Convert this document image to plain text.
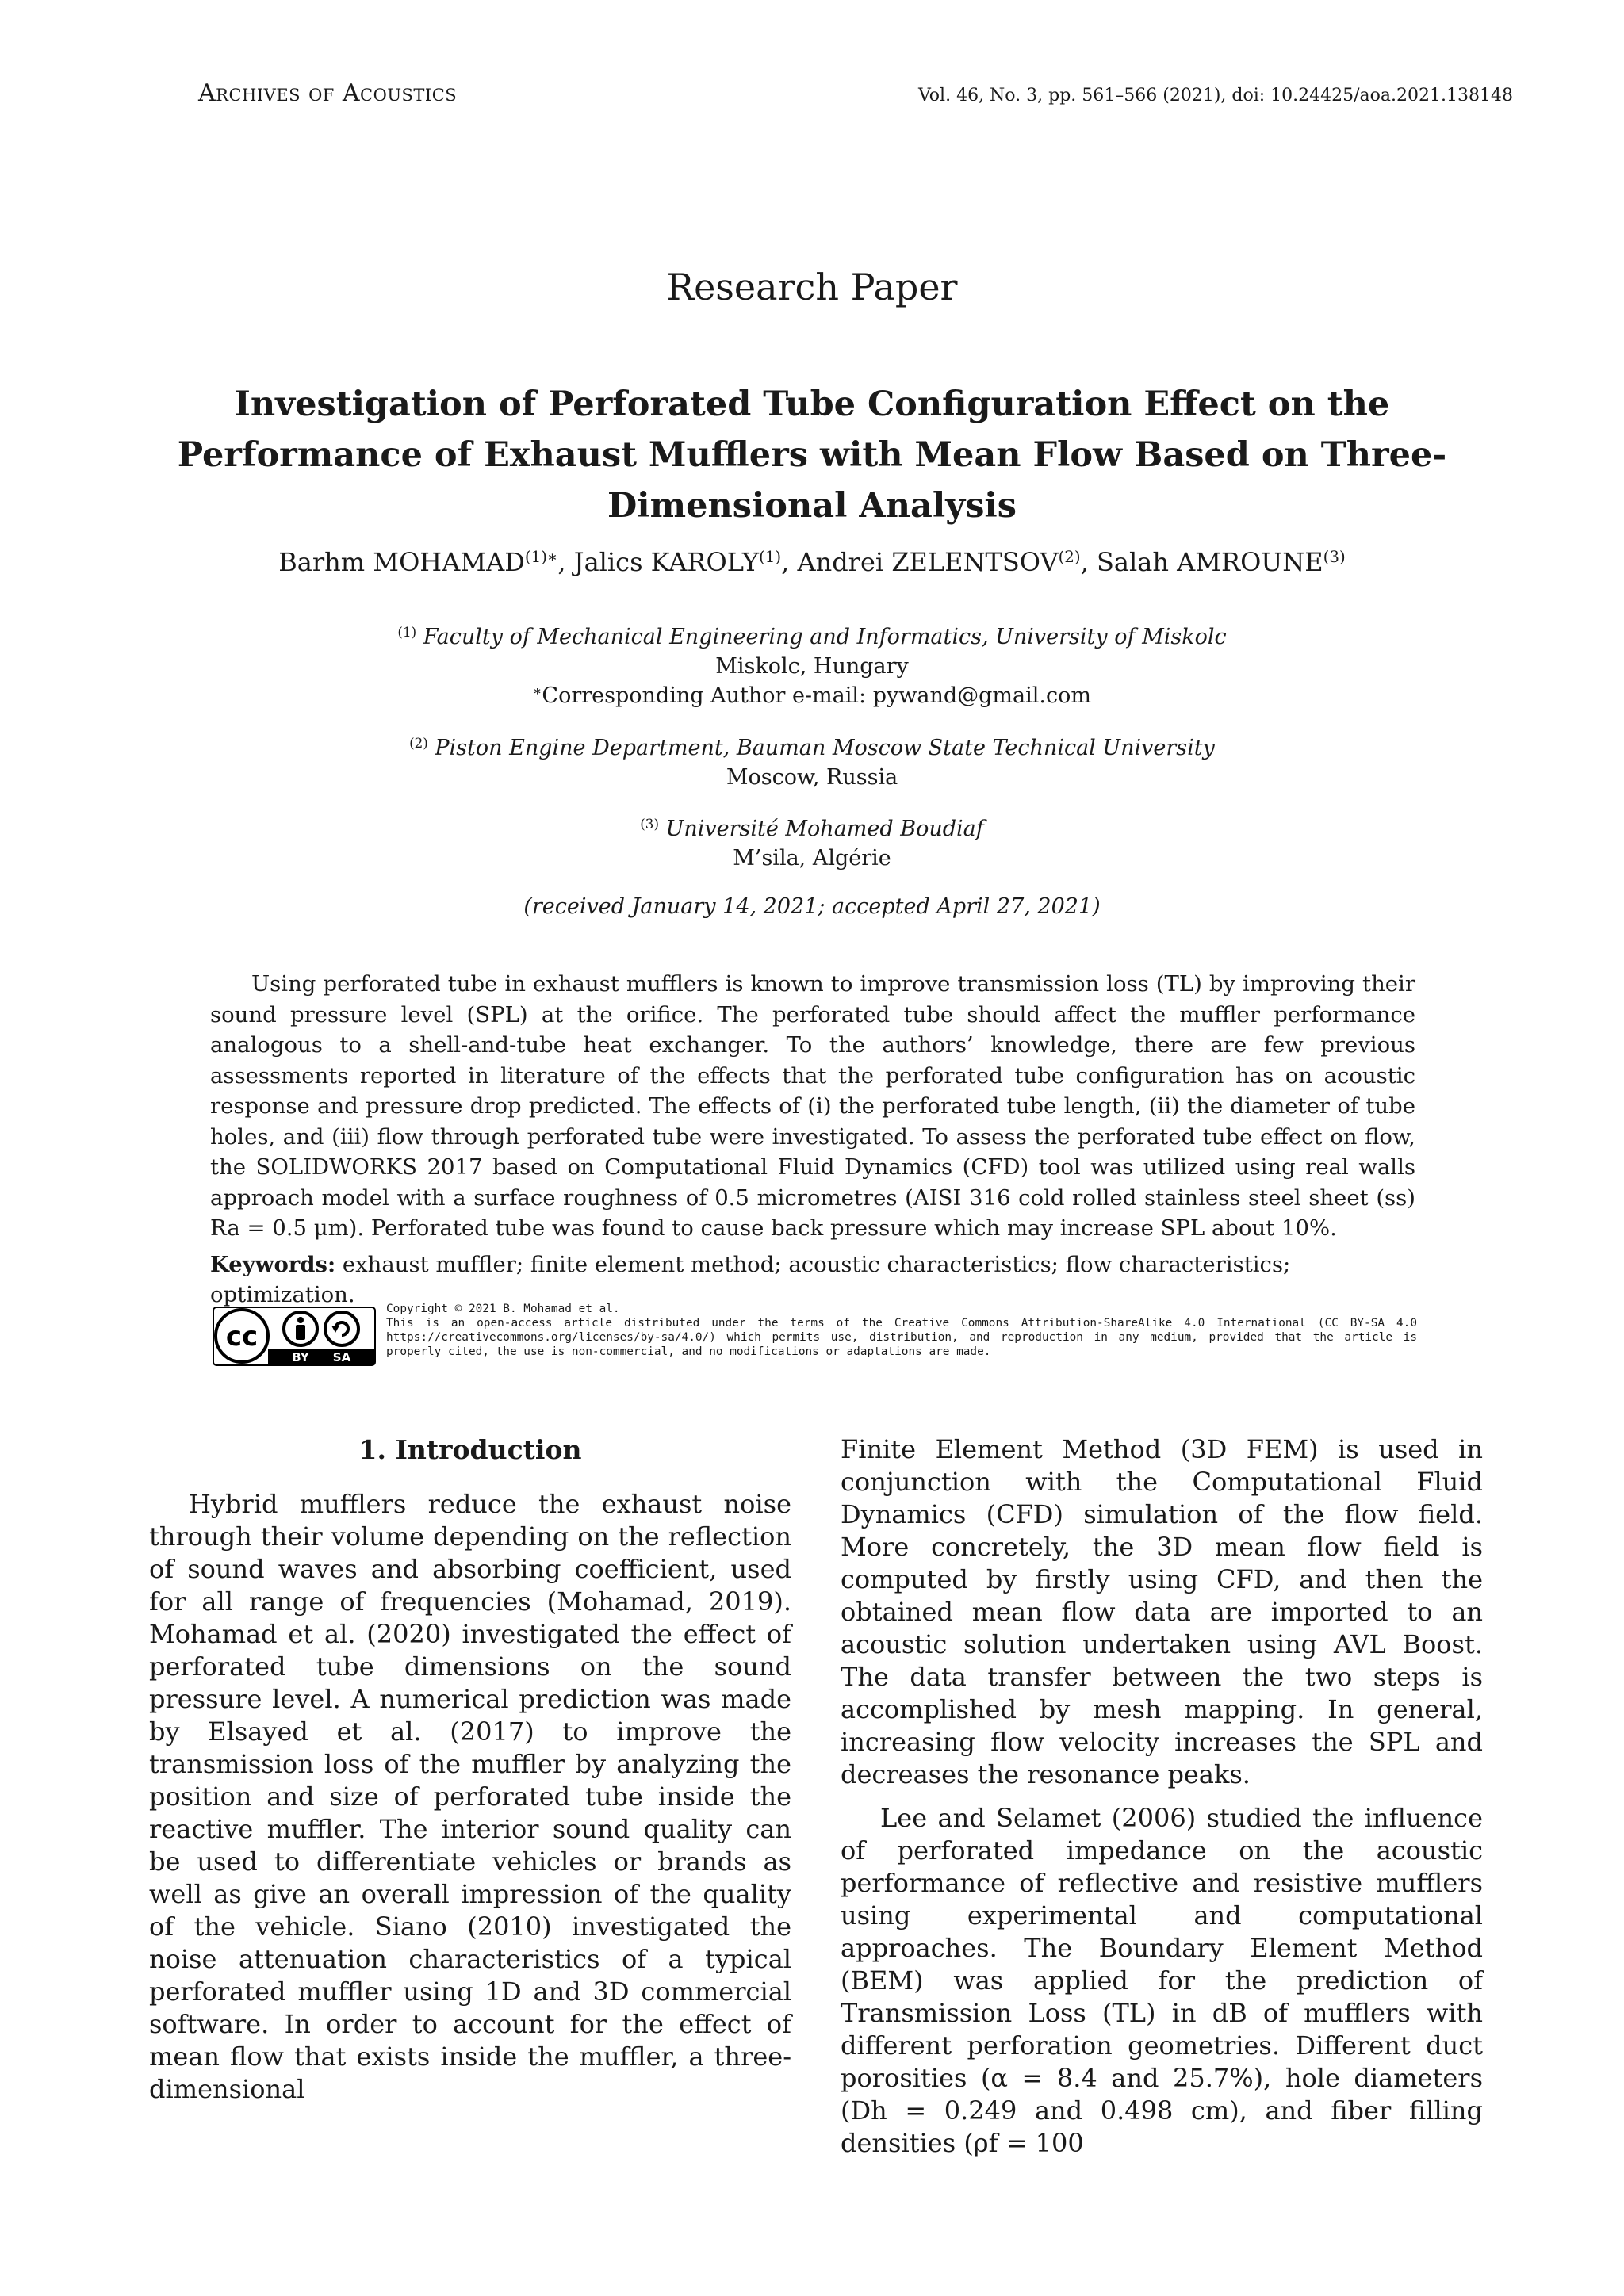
Archives of Acoustics	Vol. 46, No. 3, pp. 561–566 (2021), doi: 10.24425/aoa.2021.138148
Research Paper
Investigation of Perforated Tube Configuration Effect on the Performance of Exhaust Mufflers with Mean Flow Based on Three-Dimensional Analysis
Barhm $MOHAMAD^{(1)∗}$, Jalics KAROLY$^{(1)}$, Andrei ZELENTSOV$^{(2)}$, Salah AMROUNE$^{(3)}$
$^{(1)}$ Faculty of Mechanical Engineering and Informatics, University of Miskolc
Miskolc, Hungary
∗Corresponding Author e-mail: pywand@gmail.com
$^{(2)}$ Piston Engine Department, Bauman Moscow State Technical University
Moscow, Russia
$^{(3)}$ Université Mohamed Boudiaf
M’sila, Algérie
(received January 14, 2021; accepted April 27, 2021)
Using perforated tube in exhaust mufflers is known to improve transmission loss (TL) by improving their sound pressure level (SPL) at the orifice. The perforated tube should affect the muffler performance analogous to a shell-and-tube heat exchanger. To the authors’ knowledge, there are few previous assessments reported in literature of the effects that the perforated tube configuration has on acoustic response and pressure drop predicted. The effects of (i) the perforated tube length, (ii) the diameter of tube holes, and (iii) flow through perforated tube were investigated. To assess the perforated tube effect on flow, the SOLIDWORKS 2017 based on Computational Fluid Dynamics (CFD) tool was utilized using real walls approach model with a surface roughness of 0.5 micrometres (AISI 316 cold rolled stainless steel sheet (ss) Ra = 0.5 μm). Perforated tube was found to cause back pressure which may increase SPL about 10%.
Keywords: exhaust muffler; finite element method; acoustic characteristics; flow characteristics; optimization.
cc
BY SA
Copyright © 2021 B. Mohamad et al.
This is an open-access article distributed under the terms of the Creative Commons Attribution-ShareAlike 4.0 International (CC BY-SA 4.0 https://creativecommons.org/licenses/by-sa/4.0/) which permits use, distribution, and reproduction in any medium, provided that the article is properly cited, the use is non-commercial, and no modifications or adaptations are made.
1. Introduction

Hybrid mufflers reduce the exhaust noise through their volume depending on the reflection of sound waves and absorbing coefficient, used for all range of frequencies (Mohamad, 2019). Mohamad et al. (2020) investigated the effect of perforated tube dimensions on the sound pressure level. A numerical prediction was made by Elsayed et al. (2017) to improve the transmission loss of the muffler by analyzing the position and size of perforated tube inside the reactive muffler. The interior sound quality can be used to differentiate vehicles or brands as well as give an overall impression of the quality of the vehicle. Siano (2010) investigated the noise attenuation characteristics of a typical perforated muffler using 1D and 3D commercial software. In order to account for the effect of mean flow that exists inside the muffler, a three-dimensional

Finite Element Method (3D FEM) is used in conjunction with the Computational Fluid Dynamics (CFD) simulation of the flow field. More concretely, the 3D mean flow field is computed by firstly using CFD, and then the obtained mean flow data are imported to an acoustic solution undertaken using AVL Boost. The data transfer between the two steps is accomplished by mesh mapping. In general, increasing flow velocity increases the SPL and decreases the resonance peaks.

Lee and Selamet (2006) studied the influence of perforated impedance on the acoustic performance of reflective and resistive mufflers using experimental and computational approaches. The Boundary Element Method (BEM) was applied for the prediction of Transmission Loss (TL) in dB of mufflers with different perforation geometries. Different duct porosities (α = 8.4 and 25.7%), hole diameters (Dh = 0.249 and 0.498 cm), and fiber filling densities (ρf = 100
